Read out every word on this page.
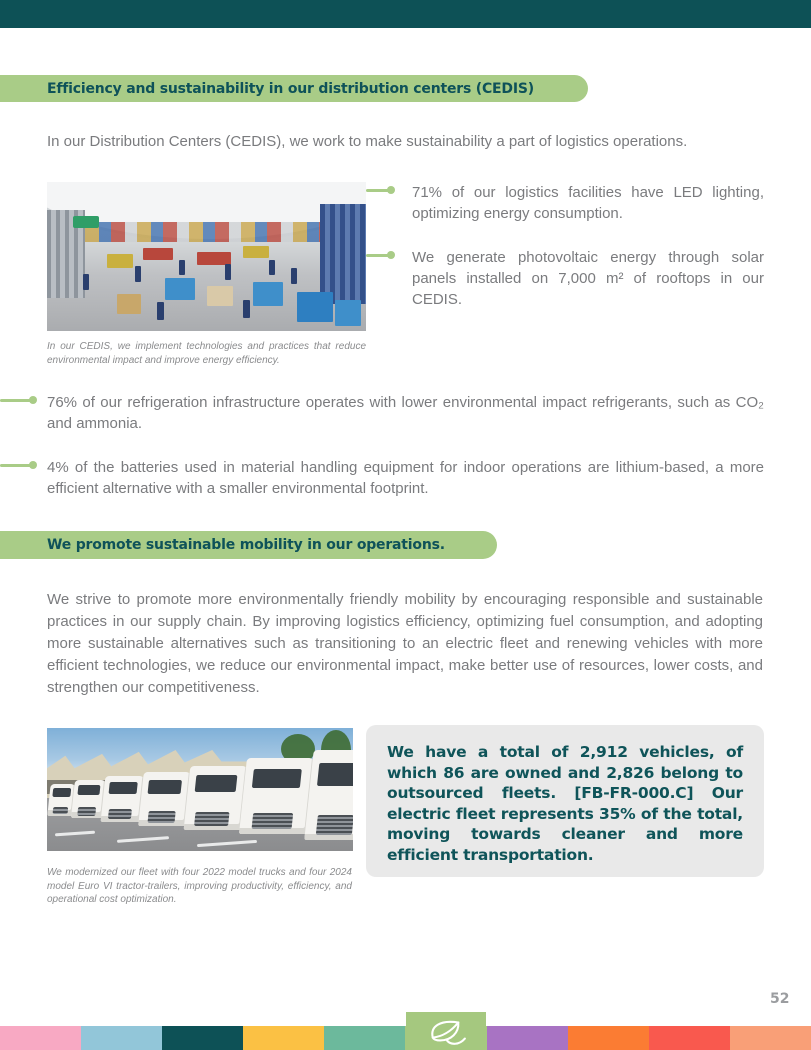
Efficiency and sustainability in our distribution centers (CEDIS)
In our Distribution Centers (CEDIS), we work to make sustainability a part of logistics operations.
In our CEDIS, we implement technologies and practices that reduce environmental impact and improve energy efficiency.
71% of our logistics facilities have LED lighting, optimizing energy consumption.
We generate photovoltaic energy through solar panels installed on 7,000 m² of rooftops in our CEDIS.
76% of our refrigeration infrastructure operates with lower environmental impact refrigerants, such as CO₂ and ammonia.
4% of the batteries used in material handling equipment for indoor operations are lithium-based, a more efficient alternative with a smaller environmental footprint.
We promote sustainable mobility in our operations.
We strive to promote more environmentally friendly mobility by encouraging responsible and sustainable practices in our supply chain. By improving logistics efficiency, optimizing fuel consumption, and adopting more sustainable alternatives such as transitioning to an electric fleet and renewing vehicles with more efficient technologies, we reduce our environmental impact, make better use of resources, lower costs, and strengthen our competitiveness.
We modernized our fleet with four 2022 model trucks and four 2024 model Euro VI tractor-trailers, improving productivity, efficiency, and operational cost optimization.

We have a total of 2,912 vehicles, of which 86 are owned and 2,826 belong to outsourced fleets. [FB-FR-000.C] Our electric fleet represents 35% of the total, moving towards cleaner and more efficient transportation.

52
